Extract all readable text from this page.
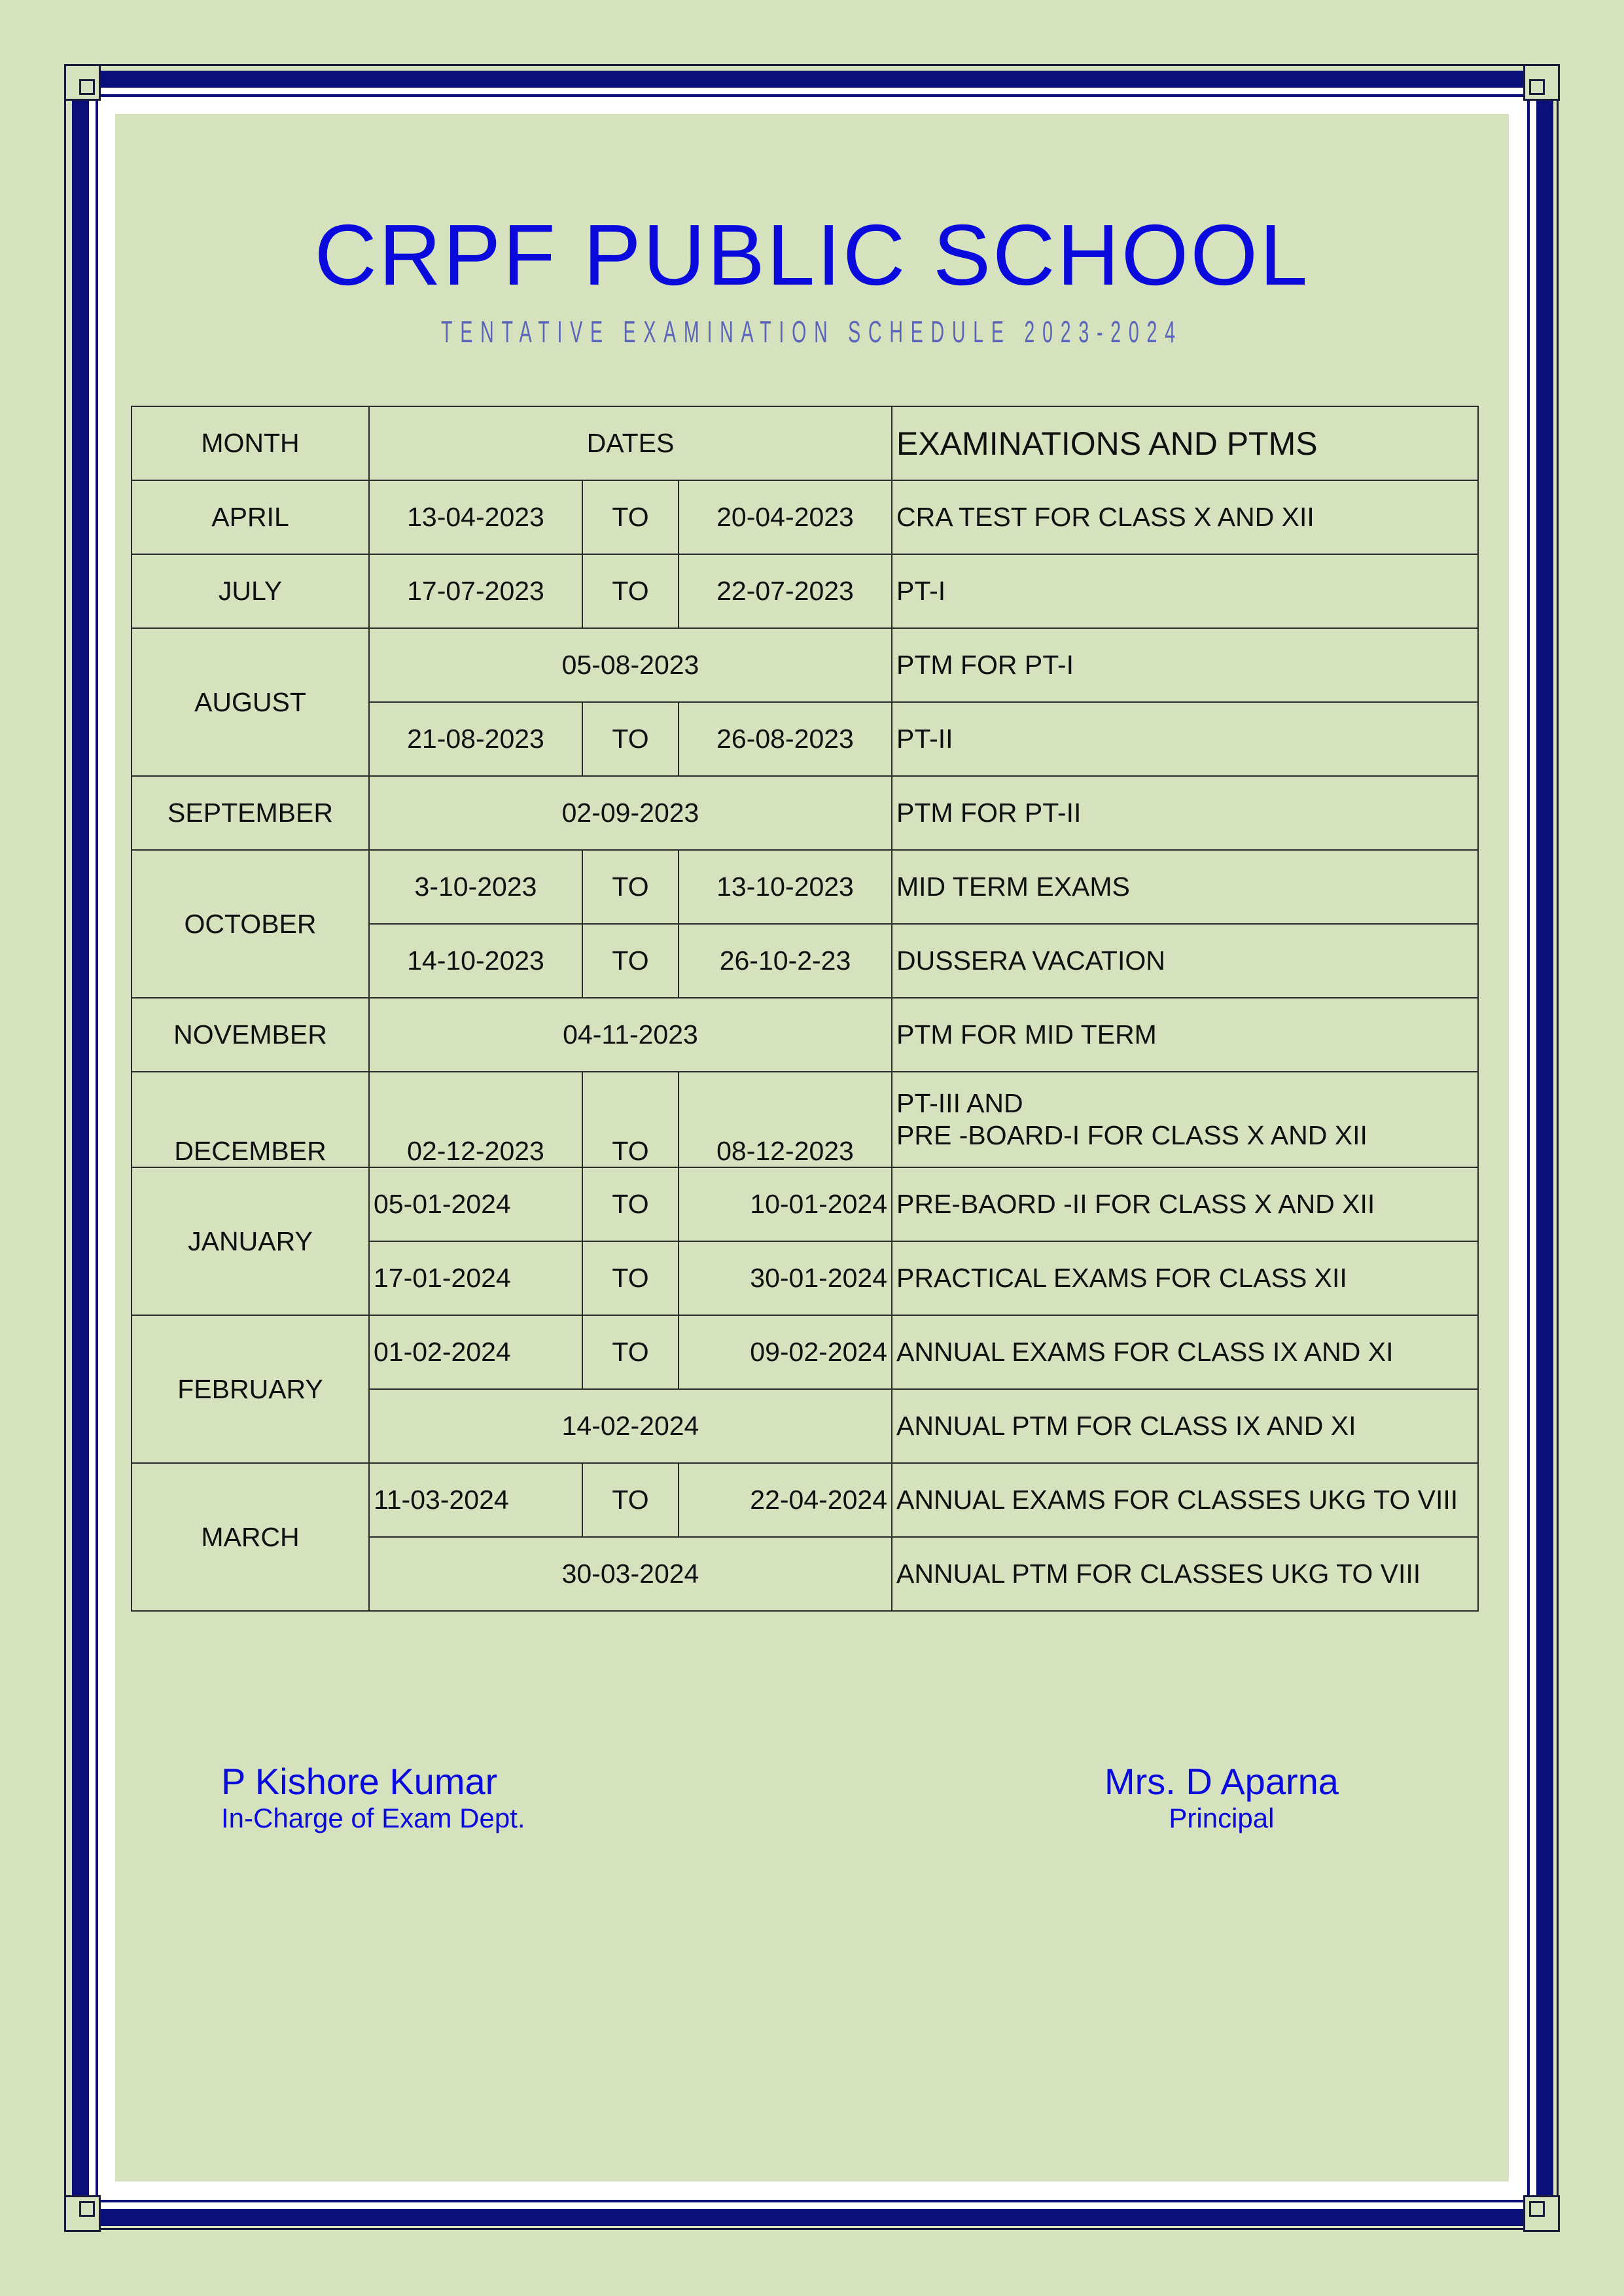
CRPF PUBLIC SCHOOL
TENTATIVE EXAMINATION SCHEDULE 2023-2024
MONTH	DATES			EXAMINATIONS AND PTMS
APRIL	13-04-2023	TO	20-04-2023	CRA TEST FOR CLASS X AND XII
JULY	17-07-2023	TO	22-07-2023	PT-I
AUGUST	05-08-2023			PTM FOR PT-I
	21-08-2023	TO	26-08-2023	PT-II
SEPTEMBER	02-09-2023			PTM FOR PT-II
OCTOBER	3-10-2023	TO	13-10-2023	MID TERM EXAMS
	14-10-2023	TO	26-10-2-23	DUSSERA VACATION
NOVEMBER	04-11-2023			PTM FOR MID TERM
DECEMBER	02-12-2023	TO	08-12-2023	PT-III AND
PRE -BOARD-I FOR CLASS X AND XII

JANUARY	05-01-2024	TO	10-01-2024	PRE-BAORD -II FOR CLASS X AND XII
	17-01-2024	TO	30-01-2024	PRACTICAL EXAMS FOR CLASS XII
FEBRUARY	01-02-2024	TO	09-02-2024	ANNUAL EXAMS FOR CLASS IX AND XI
	14-02-2024			ANNUAL PTM FOR CLASS IX AND XI
MARCH	11-03-2024	TO	22-04-2024	ANNUAL EXAMS FOR CLASSES UKG TO VIII
	30-03-2024			ANNUAL PTM FOR CLASSES UKG TO VIII
P Kishore Kumar
In-Charge of Exam Dept.
Mrs. D Aparna
Principal
